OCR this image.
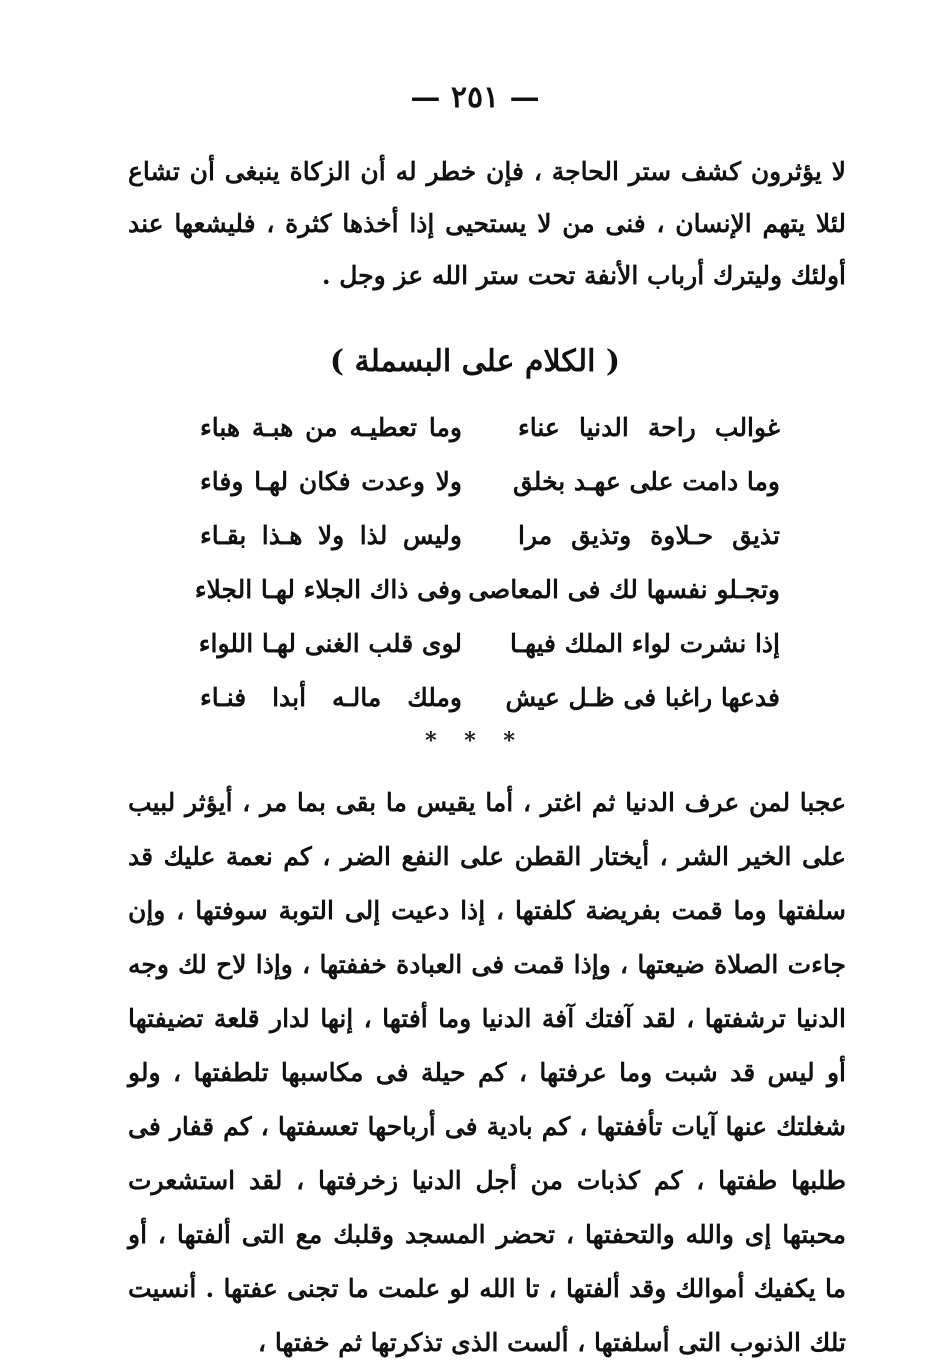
— ٢٥١ —

لا يؤثرون كشف ستر الحاجة ، فإن خطر له أن الزكاة ينبغى أن تشاع لئلا يتهم الإنسان ، فنى من لا يستحيى إذا أخذها كثرة ، فليشعها عند أولئك وليترك أرباب الأنفة تحت ستر الله عز وجل .

( الكلام على البسملة )
غوالب راحة الدنيا عناء
وما تعطيـه من هبـة هباء
وما دامت على عهـد بخلق
ولا وعدت فكان لهـا وفاء
تذيق حـلاوة وتذيق مرا
وليس لذا ولا هـذا بقـاء
وتجـلو نفسها لك فى المعاصى
وفى ذاك الجلاء لهـا الجلاء
إذا نشرت لواء الملك فيهـا
لوى قلب الغنى لهـا اللواء
فدعها راغبا فى ظـل عيش
وملك مالـه أبدا فنـاء
* * *

عجبا لمن عرف الدنيا ثم اغتر ، أما يقيس ما بقى بما مر ، أيؤثر لبيب على الخير الشر ، أيختار القطن على النفع الضر ، كم نعمة عليك قد سلفتها وما قمت بفريضة كلفتها ، إذا دعيت إلى التوبة سوفتها ، وإن جاءت الصلاة ضيعتها ، وإذا قمت فى العبادة خففتها ، وإذا لاح لك وجه الدنيا ترشفتها ، لقد آفتك آفة الدنيا وما أفتها ، إنها لدار قلعة تضيفتها أو ليس قد شبت وما عرفتها ، كم حيلة فى مكاسبها تلطفتها ، ولو شغلتك عنها آيات تأففتها ، كم بادية فى أرباحها تعسفتها ، كم قفار فى طلبها طفتها ، كم كذبات من أجل الدنيا زخرفتها ، لقد استشعرت محبتها إى والله والتحفتها ، تحضر المسجد وقلبك مع التى ألفتها ، أو ما يكفيك أموالك وقد ألفتها ، تا الله لو علمت ما تجنى عفتها . أنسيت تلك الذنوب التى أسلفتها ، ألست الذى تذكرتها ثم خفتها ،
